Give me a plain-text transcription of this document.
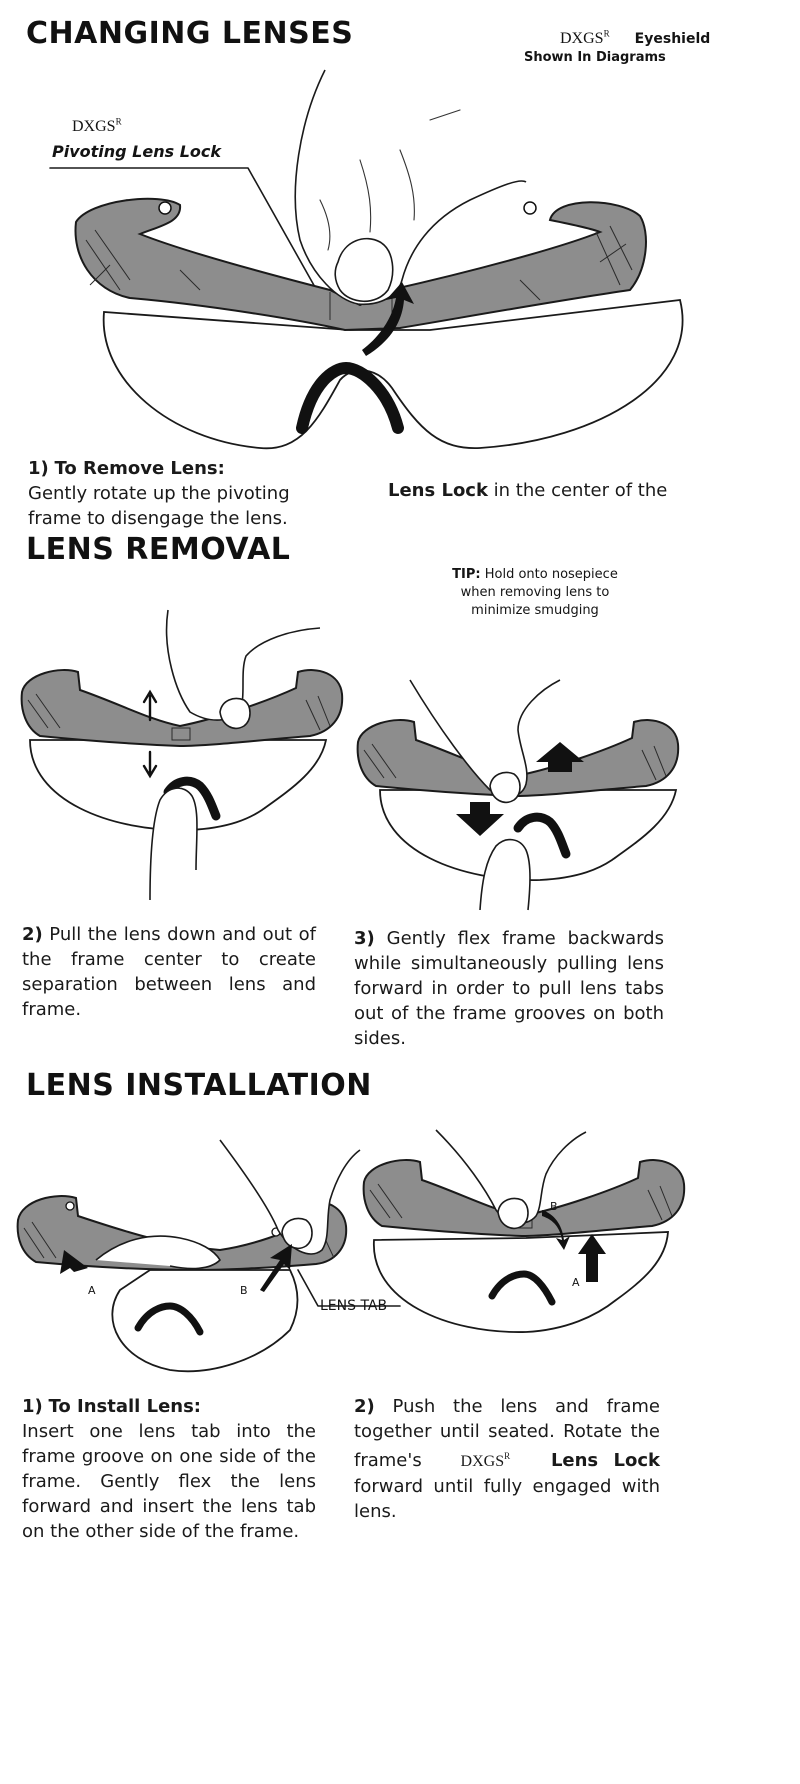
CHANGING LENSES	$DXGS^R$ Eyeshield
Shown In Diagrams
$DXGS^R$
Pivoting Lens Lock
1) To Remove Lens:
Gently rotate up the pivoting
frame to disengage the lens.
Lens Lock in the center of the
LENS REMOVAL
TIP: Hold onto nosepiece
when removing lens to
minimize smudging
2) Pull the lens down and out of the frame center to create separation between lens and frame.
3) Gently flex frame backwards while simultaneously pulling lens forward in order to pull lens tabs out of the frame grooves on both sides.
LENS INSTALLATION
A	B
LENS TAB
A
B
1) To Install Lens:
Insert one lens tab into the frame groove on one side of the frame. Gently flex the lens forward and insert the lens tab on the other side of the frame.
2) Push the lens and frame together until seated. Rotate the frame's $DXGS^R$ Lens Lock forward until fully engaged with lens.
